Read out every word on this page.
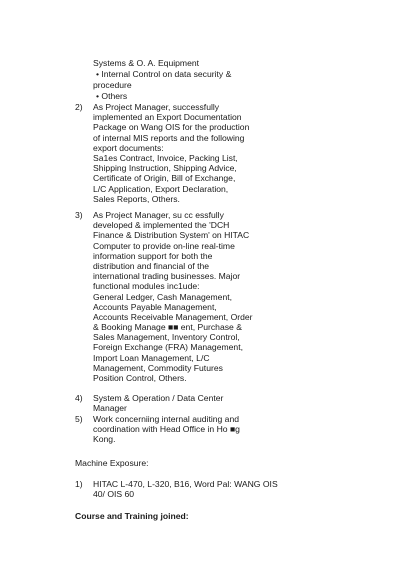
Systems & O. A. Equipment
• Internal Control on data security &
procedure
• Others
2)	As Project Manager, successfully
implemented an Export Documentation
Package on Wang OIS for the production
of internal MIS reports and the following
export documents:
Sa1es Contract, Invoice, Packing List,
Shipping Instruction, Shipping Advice,
Certificate of Origin, Bill of Exchange,
L/C Application, Export Declaration,
Sales Reports, Others.
3)	As Project Manager, su cc essfully
developed & implemented the 'DCH
Finance & Distribution System' on HITAC
Computer to provide on-line real-time
information support for both the
distribution and financial of the
international trading businesses. Major
functional modules inc1ude:
General Ledger, Cash Management,
Accounts Payable Management,
Accounts Receivable Management, Order
& Booking Manage ■■ ent, Purchase &
Sales Management, Inventory Control,
Foreign Exchange (FRA) Management,
Import Loan Management, L/C
Management, Commodity Futures
Position Control, Others.
4)	System & Operation / Data Center
Manager
5)	Work concerniing internal auditing and
coordination with Head Office in Ho ■g
Kong.
Machine Exposure:
1)	HITAC L-470, L-320, B16, Word Pal: WANG OIS
40/ OIS 60
Course and Training joined:
